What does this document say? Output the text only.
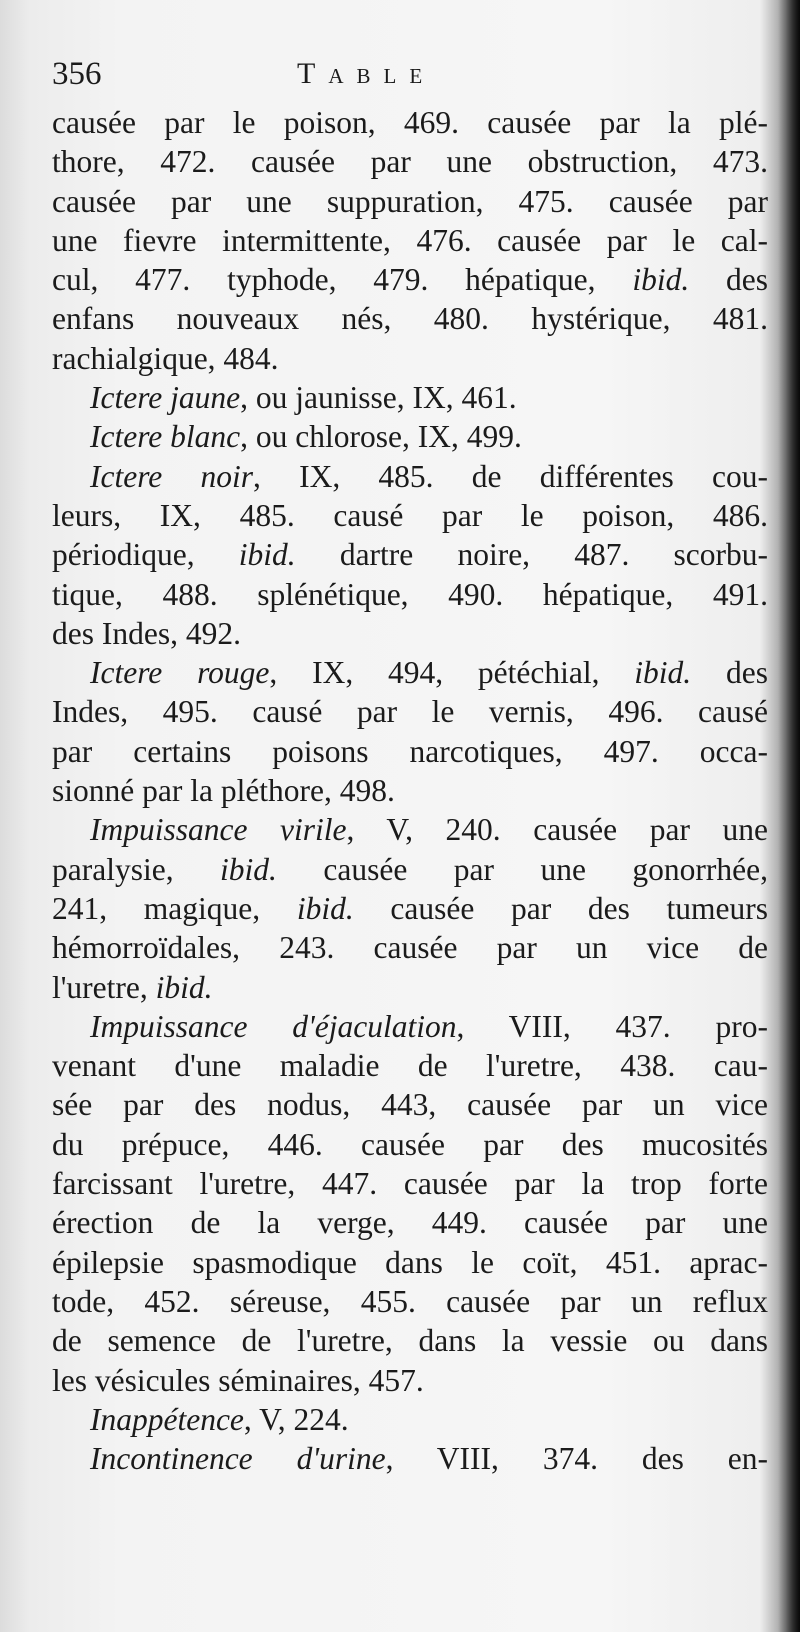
356	Table
causée par le poison, 469. causée par la plé-
thore, 472. causée par une obstruction, 473.
causée par une suppuration, 475. causée par
une fievre intermittente, 476. causée par le cal-
cul, 477. typhode, 479. hépatique, ibid. des
enfans nouveaux nés, 480. hystérique, 481.
rachialgique, 484.
Ictere jaune, ou jaunisse, IX, 461.
Ictere blanc, ou chlorose, IX, 499.
Ictere noir, IX, 485. de différentes cou-
leurs, IX, 485. causé par le poison, 486.
périodique, ibid. dartre noire, 487. scorbu-
tique, 488. splénétique, 490. hépatique, 491.
des Indes, 492.
Ictere rouge, IX, 494, pétéchial, ibid. des
Indes, 495. causé par le vernis, 496. causé
par certains poisons narcotiques, 497. occa-
sionné par la pléthore, 498.
Impuissance virile, V, 240. causée par une
paralysie, ibid. causée par une gonorrhée,
241, magique, ibid. causée par des tumeurs
hémorroïdales, 243. causée par un vice de
l'uretre, ibid.
Impuissance d'éjaculation, VIII, 437. pro-
venant d'une maladie de l'uretre, 438. cau-
sée par des nodus, 443, causée par un vice
du prépuce, 446. causée par des mucosités
farcissant l'uretre, 447. causée par la trop forte
érection de la verge, 449. causée par une
épilepsie spasmodique dans le coït, 451. aprac-
tode, 452. séreuse, 455. causée par un reflux
de semence de l'uretre, dans la vessie ou dans
les vésicules séminaires, 457.
Inappétence, V, 224.
Incontinence d'urine, VIII, 374. des en-
